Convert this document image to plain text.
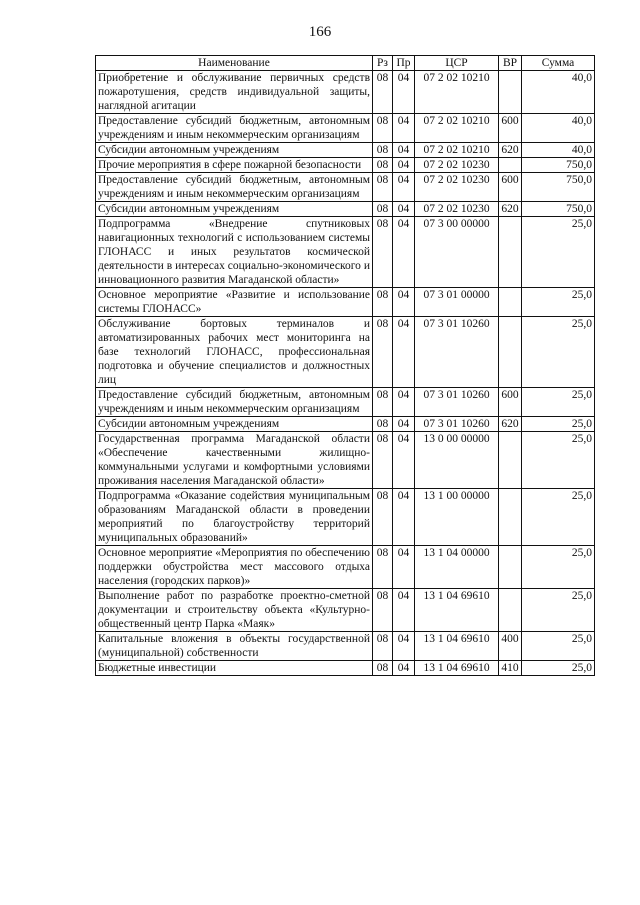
166
Наименование	Рз	Пр	ЦСР	ВР	Сумма
Приобретение и обслуживание первичных средств пожаротушения, средств индивидуальной защиты, наглядной агитации	08	04	07 2 02 10210		40,0
Предоставление субсидий бюджетным, автономным учреждениям и иным некоммерческим организациям	08	04	07 2 02 10210	600	40,0
Субсидии автономным учреждениям	08	04	07 2 02 10210	620	40,0
Прочие мероприятия в сфере пожарной безопасности	08	04	07 2 02 10230		750,0
Предоставление субсидий бюджетным, автономным учреждениям и иным некоммерческим организациям	08	04	07 2 02 10230	600	750,0
Субсидии автономным учреждениям	08	04	07 2 02 10230	620	750,0
Подпрограмма «Внедрение спутниковых навигационных технологий с использованием системы ГЛОНАСС и иных результатов космической деятельности в интересах социально-экономического и инновационного развития Магаданской области»	08	04	07 3 00 00000		25,0
Основное мероприятие «Развитие и использование системы ГЛОНАСС»	08	04	07 3 01 00000		25,0
Обслуживание бортовых терминалов и автоматизированных рабочих мест мониторинга на базе технологий ГЛОНАСС, профессиональная подготовка и обучение специалистов и должностных лиц	08	04	07 3 01 10260		25,0
Предоставление субсидий бюджетным, автономным учреждениям и иным некоммерческим организациям	08	04	07 3 01 10260	600	25,0
Субсидии автономным учреждениям	08	04	07 3 01 10260	620	25,0
Государственная программа Магаданской области «Обеспечение качественными жилищно-коммунальными услугами и комфортными условиями проживания населения Магаданской области»	08	04	13 0 00 00000		25,0
Подпрограмма «Оказание содействия муниципальным образованиям Магаданской области в проведении мероприятий по благоустройству территорий муниципальных образований»	08	04	13 1 00 00000		25,0
Основное мероприятие «Мероприятия по обеспечению поддержки обустройства мест массового отдыха населения (городских парков)»	08	04	13 1 04 00000		25,0
Выполнение работ по разработке проектно-сметной документации и строительству объекта «Культурно-общественный центр Парка «Маяк»	08	04	13 1 04 69610		25,0
Капитальные вложения в объекты государственной (муниципальной) собственности	08	04	13 1 04 69610	400	25,0
Бюджетные инвестиции	08	04	13 1 04 69610	410	25,0
